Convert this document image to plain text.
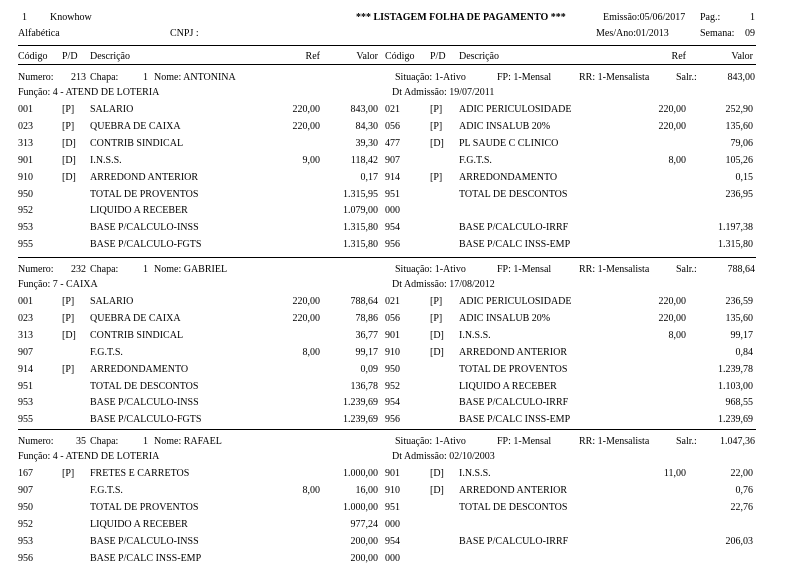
1 Knowhow	*** LISTAGEM FOLHA DE PAGAMENTO ***	Emissão:05/06/2017 Pag.:	1
Alfabética	CNPJ :	Mes/Ano:01/2013	Semana:	09
Código P/D Descrição	Ref	Valor Código P/D Descrição	Ref	Valor
Numero:	213 Chapa:	1 Nome: ANTONINA	Situação: 1-Ativo	FP: 1-Mensal	RR: 1-Mensalista	Salr.:	843,00
Função: 4 - ATEND DE LOTERIA	Dt Admissão: 19/07/2011
001	[P] SALARIO	220,00	843,00 021	[P] ADIC PERICULOSIDADE	220,00	252,90
023	[P] QUEBRA DE CAIXA	220,00	84,30 056	[P] ADIC INSALUB 20%	220,00	135,60
313	[D] CONTRIB SINDICAL	39,30 477	[D] PL SAUDE C CLINICO	79,06
901	[D] I.N.S.S.	9,00	118,42 907	F.G.T.S.	8,00	105,26
910	[D] ARREDOND ANTERIOR	0,17 914	[P] ARREDONDAMENTO	0,15
950	TOTAL DE PROVENTOS	1.315,95 951	TOTAL DE DESCONTOS	236,95
952	LIQUIDO A RECEBER	1.079,00 000
953	BASE P/CALCULO-INSS	1.315,80 954	BASE P/CALCULO-IRRF	1.197,38
955	BASE P/CALCULO-FGTS	1.315,80 956	BASE P/CALC INSS-EMP	1.315,80
Numero:	232 Chapa:	1 Nome: GABRIEL	Situação: 1-Ativo	FP: 1-Mensal	RR: 1-Mensalista	Salr.:	788,64
Função: 7 - CAIXA	Dt Admissão: 17/08/2012
001	[P] SALARIO	220,00	788,64 021	[P] ADIC PERICULOSIDADE	220,00	236,59
023	[P] QUEBRA DE CAIXA	220,00	78,86 056	[P] ADIC INSALUB 20%	220,00	135,60
313	[D] CONTRIB SINDICAL	36,77 901	[D] I.N.S.S.	8,00	99,17
907	F.G.T.S.	8,00	99,17 910	[D] ARREDOND ANTERIOR	0,84
914	[P] ARREDONDAMENTO	0,09 950	TOTAL DE PROVENTOS	1.239,78
951	TOTAL DE DESCONTOS	136,78 952	LIQUIDO A RECEBER	1.103,00
953	BASE P/CALCULO-INSS	1.239,69 954	BASE P/CALCULO-IRRF	968,55
955	BASE P/CALCULO-FGTS	1.239,69 956	BASE P/CALC INSS-EMP	1.239,69
Numero:	35 Chapa:	1 Nome: RAFAEL	Situação: 1-Ativo	FP: 1-Mensal	RR: 1-Mensalista	Salr.:	1.047,36
Função: 4 - ATEND DE LOTERIA	Dt Admissão: 02/10/2003
167	[P] FRETES E CARRETOS	1.000,00 901	[D] I.N.S.S.	11,00	22,00
907	F.G.T.S.	8,00	16,00 910	[D] ARREDOND ANTERIOR	0,76
950	TOTAL DE PROVENTOS	1.000,00 951	TOTAL DE DESCONTOS	22,76
952	LIQUIDO A RECEBER	977,24 000
953	BASE P/CALCULO-INSS	200,00 954	BASE P/CALCULO-IRRF	206,03
956	BASE P/CALC INSS-EMP	200,00 000
